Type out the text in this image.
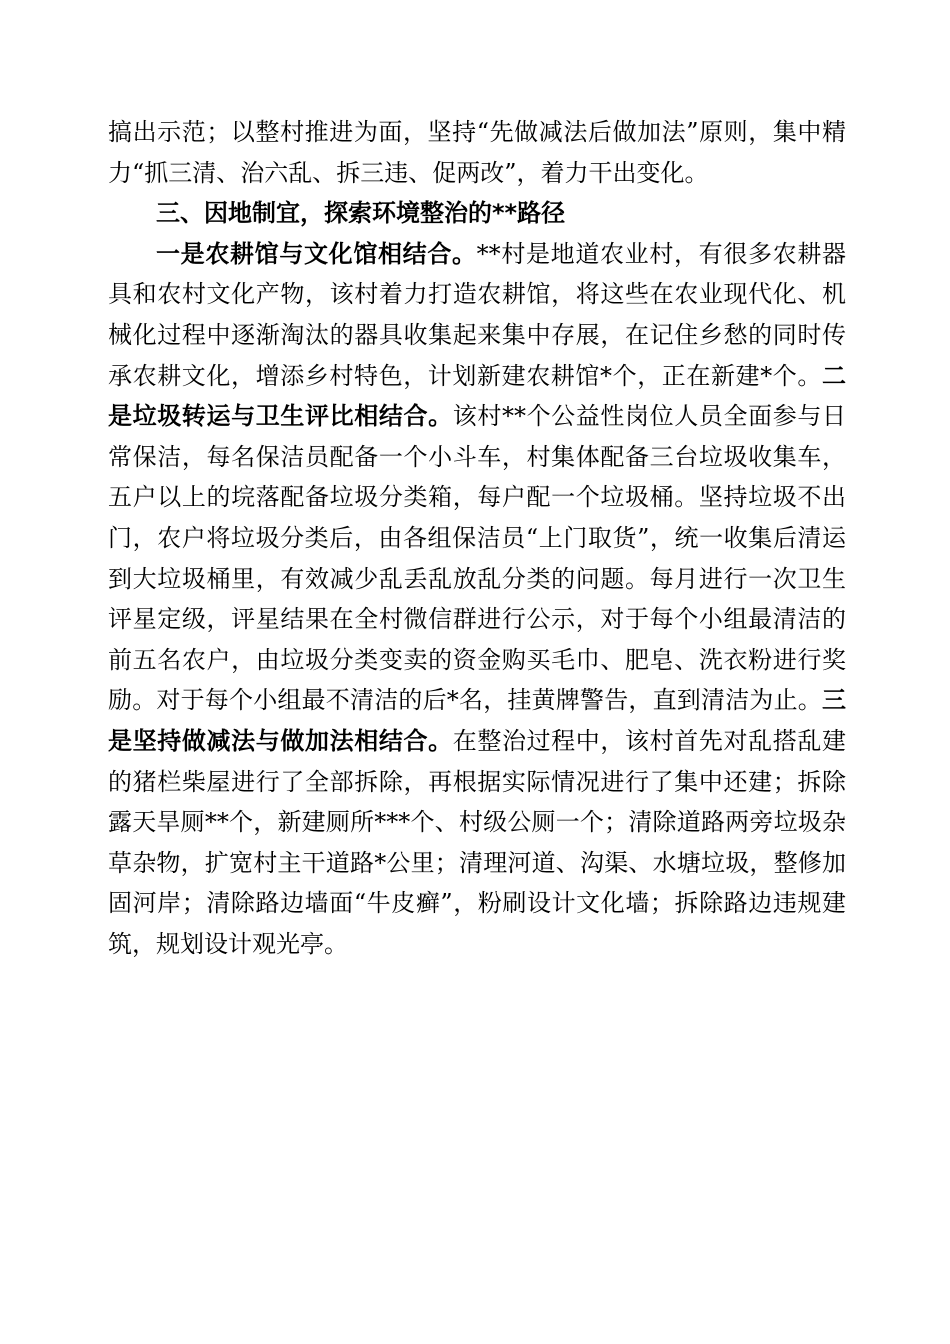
搞出示范；以整村推进为面，坚持“先做减法后做加法”原则，集中精力“抓三清、治六乱、拆三违、促两改”，着力干出变化。

三、因地制宜，探索环境整治的**路径

一是农耕馆与文化馆相结合。**村是地道农业村，有很多农耕器具和农村文化产物，该村着力打造农耕馆，将这些在农业现代化、机械化过程中逐渐淘汰的器具收集起来集中存展，在记住乡愁的同时传承农耕文化，增添乡村特色，计划新建农耕馆*个，正在新建*个。二是垃圾转运与卫生评比相结合。该村**个公益性岗位人员全面参与日常保洁，每名保洁员配备一个小斗车，村集体配备三台垃圾收集车，五户以上的垸落配备垃圾分类箱，每户配一个垃圾桶。坚持垃圾不出门，农户将垃圾分类后，由各组保洁员“上门取货”，统一收集后清运到大垃圾桶里，有效减少乱丢乱放乱分类的问题。每月进行一次卫生评星定级，评星结果在全村微信群进行公示，对于每个小组最清洁的前五名农户，由垃圾分类变卖的资金购买毛巾、肥皂、洗衣粉进行奖励。对于每个小组最不清洁的后*名，挂黄牌警告，直到清洁为止。三是坚持做减法与做加法相结合。在整治过程中，该村首先对乱搭乱建的猪栏柴屋进行了全部拆除，再根据实际情况进行了集中还建；拆除露天旱厕**个，新建厕所***个、村级公厕一个；清除道路两旁垃圾杂草杂物，扩宽村主干道路*公里；清理河道、沟渠、水塘垃圾，整修加固河岸；清除路边墙面“牛皮癣”，粉刷设计文化墙；拆除路边违规建筑，规划设计观光亭。
